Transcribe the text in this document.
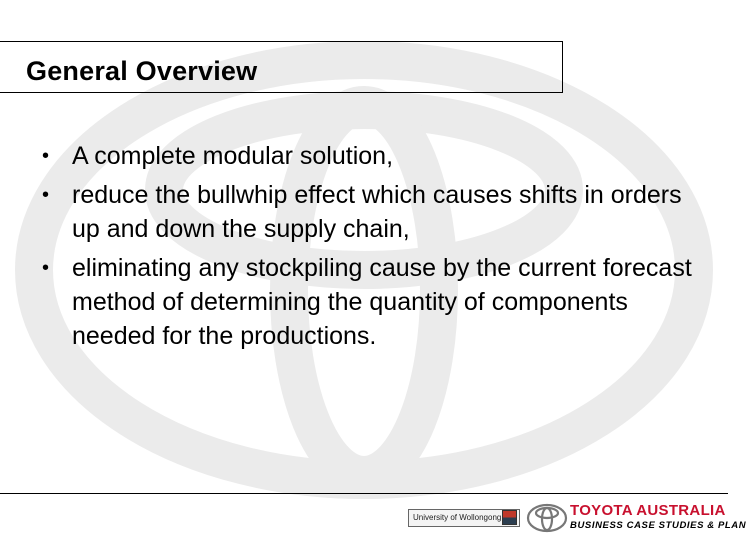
General Overview
• A complete modular solution,
• reduce the bullwhip effect which causes shifts in orders up and down the supply chain,
• eliminating any stockpiling cause by the current forecast method of determining the quantity of components needed for the productions.
University of Wollongong	TOYOTA AUSTRALIA
BUSINESS CASE STUDIES & PLAN
